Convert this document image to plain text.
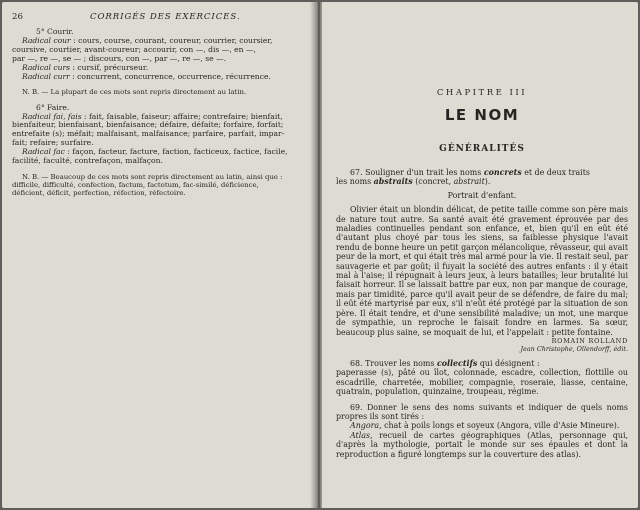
26	CORRIGÉS DES EXERCICES.

5° Courir.

Radical cour : cours, course, courant, coureur, courrier, coursier,

coursive, courtier, avant-coureur; accourir, con —, dis —, en —,

par —, re —, se — ; discours, con —, par —, re —, se —.

Radical curs : cursif, précurseur.

Radical curr : concurrent, concurrence, occurrence, récurrence.

N. B. — La plupart de ces mots sont repris directement au latin.

6° Faire.

Radical fai, fais : fait, faisable, faiseur; affaire; contrefaire; bienfait,

bienfaiteur, bienfaisant, bienfaisance; défaire, défaite; forfaire, forfait;

entrefaite (s); méfait; malfaisant, malfaisance; parfaire, parfait, impar-

fait; refaire; surfaire.

Radical fac : façon, facteur, facture, faction, facticeux, factice, facile,

facilité, faculté, contrefaçon, malfaçon.

N. B. — Beaucoup de ces mots sont repris directement au latin, ainsi que :

difficile, difficulté, confection, factum, factotum, fac-similé, déficience,

déficient, déficit, perfection, réfection, réfectoire.

CHAPITRE III
LE NOM
GÉNÉRALITÉS

67. Souligner d'un trait les noms concrets et de deux traits

les noms abstraits (concret, abstrait).

Portrait d'enfant.

Olivier était un blondin délicat, de petite taille comme son père mais de nature tout autre. Sa santé avait été gravement éprouvée par des maladies continuelles pendant son enfance, et, bien qu'il en eût été d'autant plus choyé par tous les siens, sa faiblesse physique l'avait rendu de bonne heure un petit garçon mélancolique, rêvasseur, qui avait peur de la mort, et qui était très mal armé pour la vie. Il restait seul, par sauvagerie et par goût; il fuyait la société des autres enfants : il y était mal à l'aise; il répugnait à leurs jeux, à leurs batailles; leur brutalité lui faisait horreur. Il se laissait battre par eux, non par manque de courage, mais par timidité, parce qu'il avait peur de se défendre, de faire du mal; il eût été martyrisé par eux, s'il n'eût été protégé par la situation de son père. Il était tendre, et d'une sensibilité maladive; un mot, une marque de sympathie, un reproche le faisait fondre en larmes. Sa sœur, beaucoup plus saine, se moquait de lui, et l'appelait : petite fontaine.

ROMAIN ROLLAND

Jean Christophe, Ollendorff, édit.

68. Trouver les noms collectifs qui désignent :

paperasse (s), pâté ou îlot, colonnade, escadre, collection, flottille ou escadrille, charretée, mobilier, compagnie, roseraie, liasse, centaine, quatrain, population, quinzaine, troupeau, régime.

69. Donner le sens des noms suivants et indiquer de quels noms propres ils sont tirés :

Angora, chat à poils longs et soyeux (Angora, ville d'Asie Mineure).

Atlas, recueil de cartes géographiques (Atlas, personnage qui, d'après la mythologie, portait le monde sur ses épaules et dont la reproduction a figuré longtemps sur la couverture des atlas).
